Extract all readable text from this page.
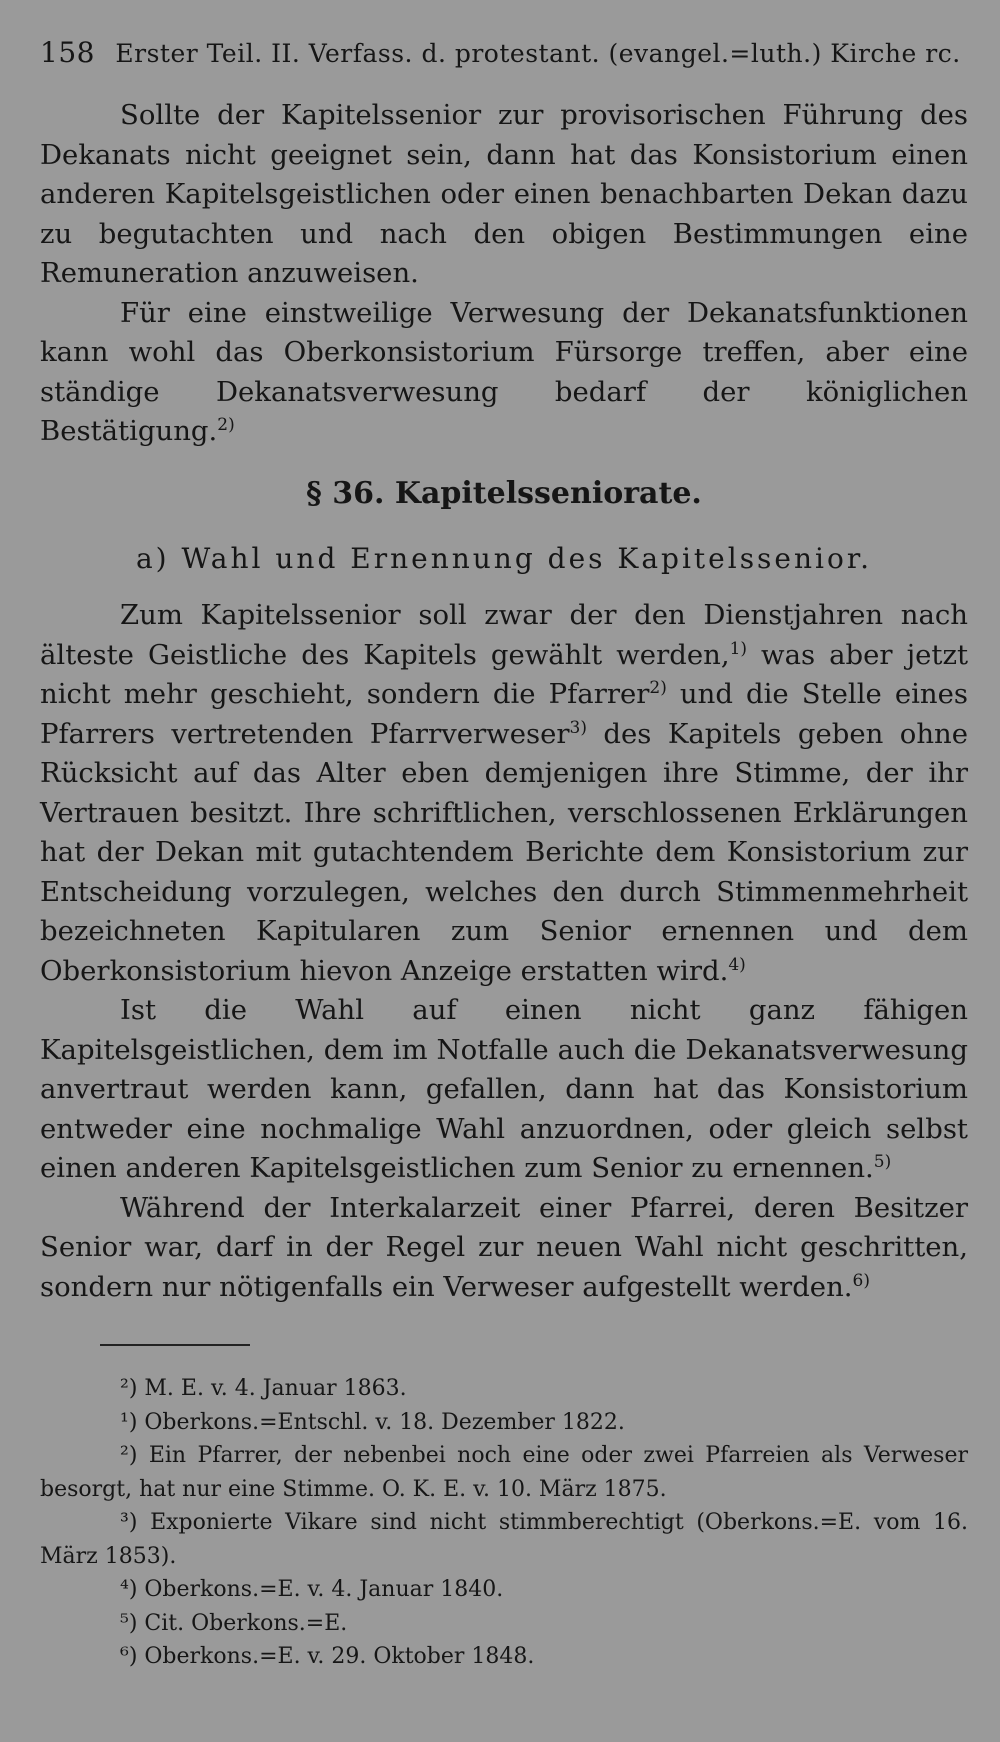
158 Erster Teil. II. Verfass. d. protestant. (evangel.=luth.) Kirche rc.

Sollte der Kapitelssenior zur provisorischen Führung des Dekanats nicht geeignet sein, dann hat das Konsistorium einen anderen Kapitelsgeistlichen oder einen benachbarten Dekan dazu zu begutachten und nach den obigen Bestimmungen eine Remuneration anzuweisen.

Für eine einstweilige Verwesung der Dekanatsfunktionen kann wohl das Oberkonsistorium Fürsorge treffen, aber eine ständige Dekanatsverwesung bedarf der königlichen Bestätigung.$^{2)}$

§ 36. Kapitelsseniorate.
a) Wahl und Ernennung des Kapitelssenior.

Zum Kapitelssenior soll zwar der den Dienstjahren nach älteste Geistliche des Kapitels gewählt werden,$^{1)}$ was aber jetzt nicht mehr geschieht, sondern die Pfarrer$^{2)}$ und die Stelle eines Pfarrers vertretenden Pfarrverweser$^{3)}$ des Kapitels geben ohne Rücksicht auf das Alter eben demjenigen ihre Stimme, der ihr Vertrauen besitzt. Ihre schriftlichen, verschlossenen Erklärungen hat der Dekan mit gutachtendem Berichte dem Konsistorium zur Entscheidung vorzulegen, welches den durch Stimmenmehrheit bezeichneten Kapitularen zum Senior ernennen und dem Oberkonsistorium hievon Anzeige erstatten wird.$^{4)}$

Ist die Wahl auf einen nicht ganz fähigen Kapitelsgeistlichen, dem im Notfalle auch die Dekanatsverwesung anvertraut werden kann, gefallen, dann hat das Konsistorium entweder eine nochmalige Wahl anzuordnen, oder gleich selbst einen anderen Kapitelsgeistlichen zum Senior zu ernennen.$^{5)}$

Während der Interkalarzeit einer Pfarrei, deren Besitzer Senior war, darf in der Regel zur neuen Wahl nicht geschritten, sondern nur nötigenfalls ein Verweser aufgestellt werden.$^{6)}$

²) M. E. v. 4. Januar 1863.

¹) Oberkons.=Entschl. v. 18. Dezember 1822.

²) Ein Pfarrer, der nebenbei noch eine oder zwei Pfarreien als Verweser besorgt, hat nur eine Stimme. O. K. E. v. 10. März 1875.

³) Exponierte Vikare sind nicht stimmberechtigt (Oberkons.=E. vom 16. März 1853).

⁴) Oberkons.=E. v. 4. Januar 1840.

⁵) Cit. Oberkons.=E.

⁶) Oberkons.=E. v. 29. Oktober 1848.
